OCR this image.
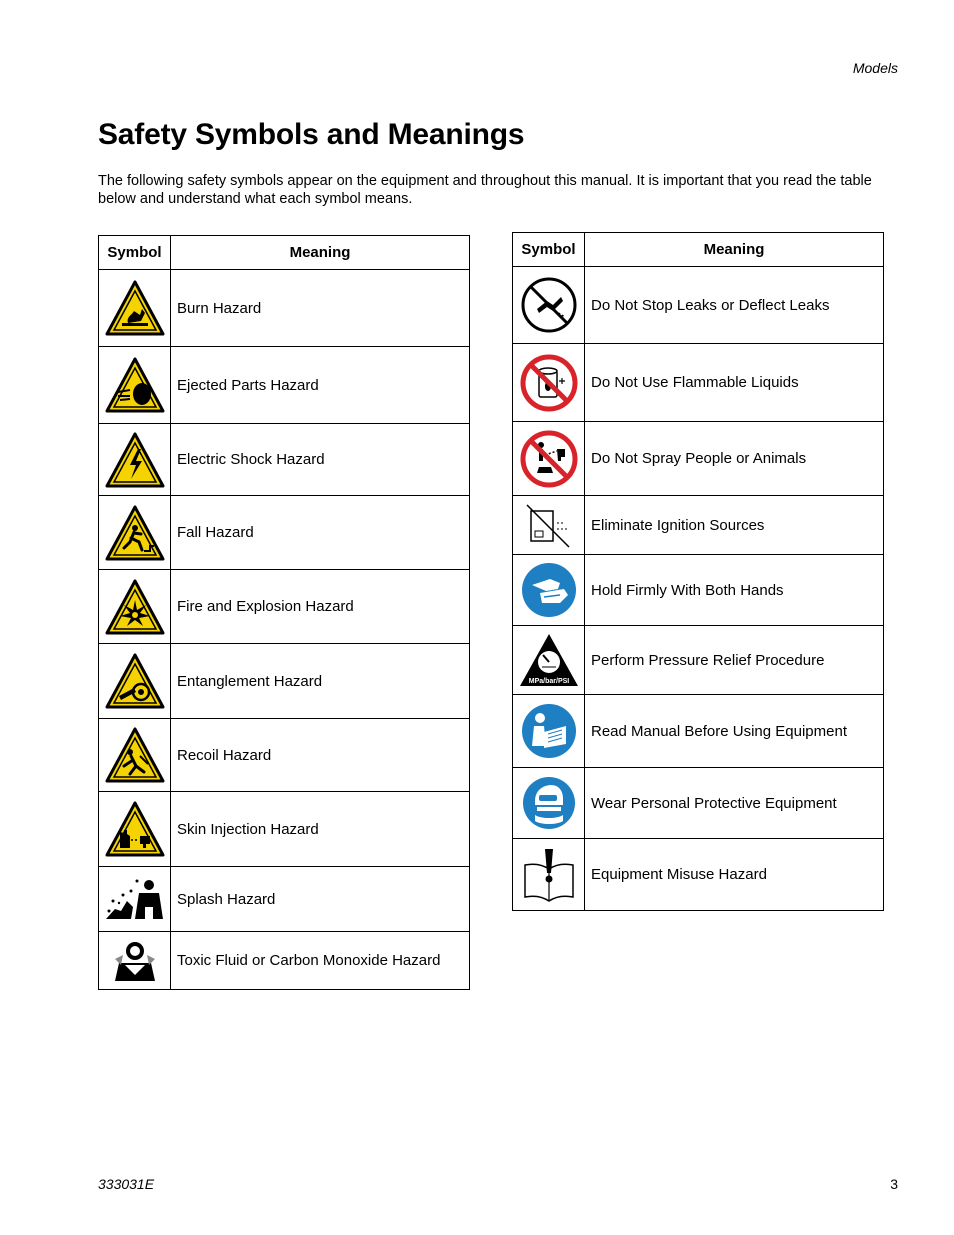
Models
Safety Symbols and Meanings

The following safety symbols appear on the equipment and throughout this manual. It is important that you read the table below and understand what each symbol means.

Symbol	Meaning

	Burn Hazard

	Ejected Parts Hazard

	Electric Shock Hazard

	Fall Hazard

	Fire and Explosion Hazard

	Entanglement Hazard

	Recoil Hazard

	Skin Injection Hazard

	Splash Hazard

	Toxic Fluid or Carbon Monoxide Hazard
Symbol	Meaning

	Do Not Stop Leaks or Deflect Leaks

	Do Not Use Flammable Liquids

	Do Not Spray People or Animals

	Eliminate Ignition Sources

	Hold Firmly With Both Hands

MPa/bar/PSI	Perform Pressure Relief Procedure

	Read Manual Before Using Equipment

	Wear Personal Protective Equipment

	Equipment Misuse Hazard
333031E	3
